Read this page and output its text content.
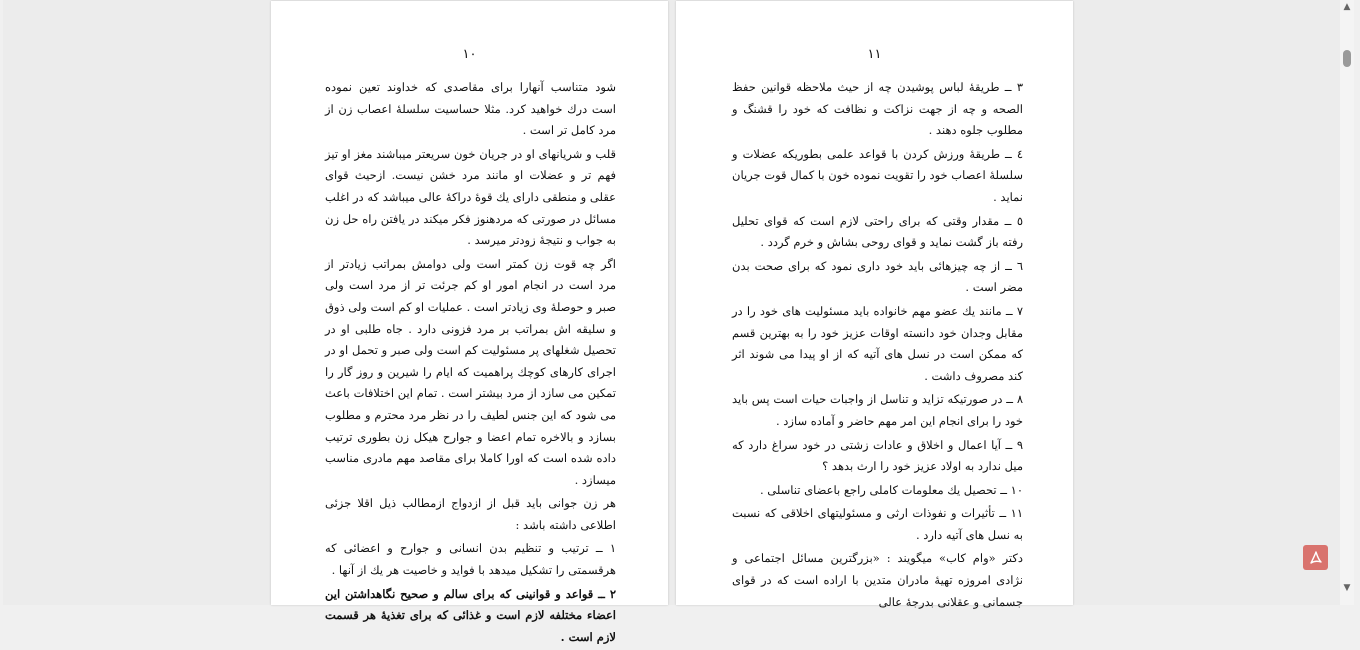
۱۰

شود متناسب آنهارا برای مقاصدی که خداوند تعین نموده است درك خواهید کرد. مثلا حساسیت سلسلهٔ اعصاب زن از مرد کامل تر است .

قلب و شریانهای او در جریان خون سریعتر میباشند مغز او تیز فهم تر و عضلات او مانند مرد خشن نیست. ازحیث قوای عقلی و منطقی دارای یك قوهٔ دراکهٔ عالی میباشد که در اغلب مسائل در صورتی که مردهنوز فکر میکند در یافتن راه حل زن به جواب و نتیجهٔ زودتر میرسد .

اگر چه قوت زن کمتر است ولی دوامش بمراتب زیادتر از مرد است در انجام امور او کم جرئت تر از مرد است ولی صبر و حوصلهٔ وی زیادتر است . عملیات او کم است ولی ذوق و سلیقه اش بمراتب بر مرد فزونی دارد . جاه طلبی او در تحصیل شغلهای پر مسئولیت کم است ولی صبر و تحمل او در اجرای کارهای کوچك پراهمیت که ایام را شیرین و روز گار را تمکین می سازد از مرد بیشتر است . تمام این اختلافات باعث می شود که این جنس لطیف را در نظر مرد محترم و مطلوب بسازد و بالاخره تمام اعضا و جوارح هیکل زن بطوری ترتیب داده شده است که اورا کاملا برای مقاصد مهم مادری مناسب میسازد .

هر زن جوانی باید قبل از ازدواج ازمطالب ذیل اقلا جزئی اطلاعی داشته باشد :

۱ ــ ترتیب و تنظیم بدن انسانی و جوارح و اعضائی که هرقسمتی را تشکیل میدهد با فواید و خاصیت هر یك از آنها .

۲ ــ قواعد و قوانینی که برای سالم و صحیح نگاهداشتن این اعضاء مختلفه لازم است و غذائی که برای تغذیهٔ هر قسمت لازم است .

۱۱

۳ ــ طریقهٔ لباس پوشیدن چه از حیث ملاحظه قوانین حفظ الصحه و چه از جهت نزاکت و نظافت که خود را قشنگ و مطلوب جلوه دهند .

٤ ــ طریقهٔ ورزش کردن با قواعد علمی بطوریکه عضلات و سلسلهٔ اعصاب خود را تقویت نموده خون با کمال قوت جریان نماید .

٥ ــ مقدار وقتی که برای راحتی لازم است که قوای تحلیل رفته باز گشت نماید و قوای روحی بشاش و خرم گردد .

٦ ــ از چه چیزهائی باید خود داری نمود که برای صحت بدن مضر است .

۷ ــ مانند یك عضو مهم خانواده باید مسئولیت های خود را در مقابل وجدان خود دانسته اوقات عزیز خود را به بهترین قسم که ممکن است در نسل های آتیه که از او پیدا می شوند اثر کند مصروف داشت .

۸ ــ در صورتیکه تزاید و تناسل از واجبات حیات است پس باید خود را برای انجام این امر مهم حاضر و آماده سازد .

۹ ــ آیا اعمال و اخلاق و عادات زشتی در خود سراغ دارد که میل ندارد به اولاد عزیز خود را ارث بدهد ؟

۱۰ ــ تحصیل یك معلومات کاملی راجع باعضای تناسلی .

۱۱ ــ تأثیرات و نفوذات ارثی و مسئولیتهای اخلاقی که نسبت به نسل های آتیه دارد .

دکتر «وام کاب» میگویند : «بزرگترین مسائل اجتماعی و نژادی امروزه تهیهٔ مادران متدین با اراده است که در قوای جسمانی و عقلانی بدرجهٔ عالی

▲
▼
